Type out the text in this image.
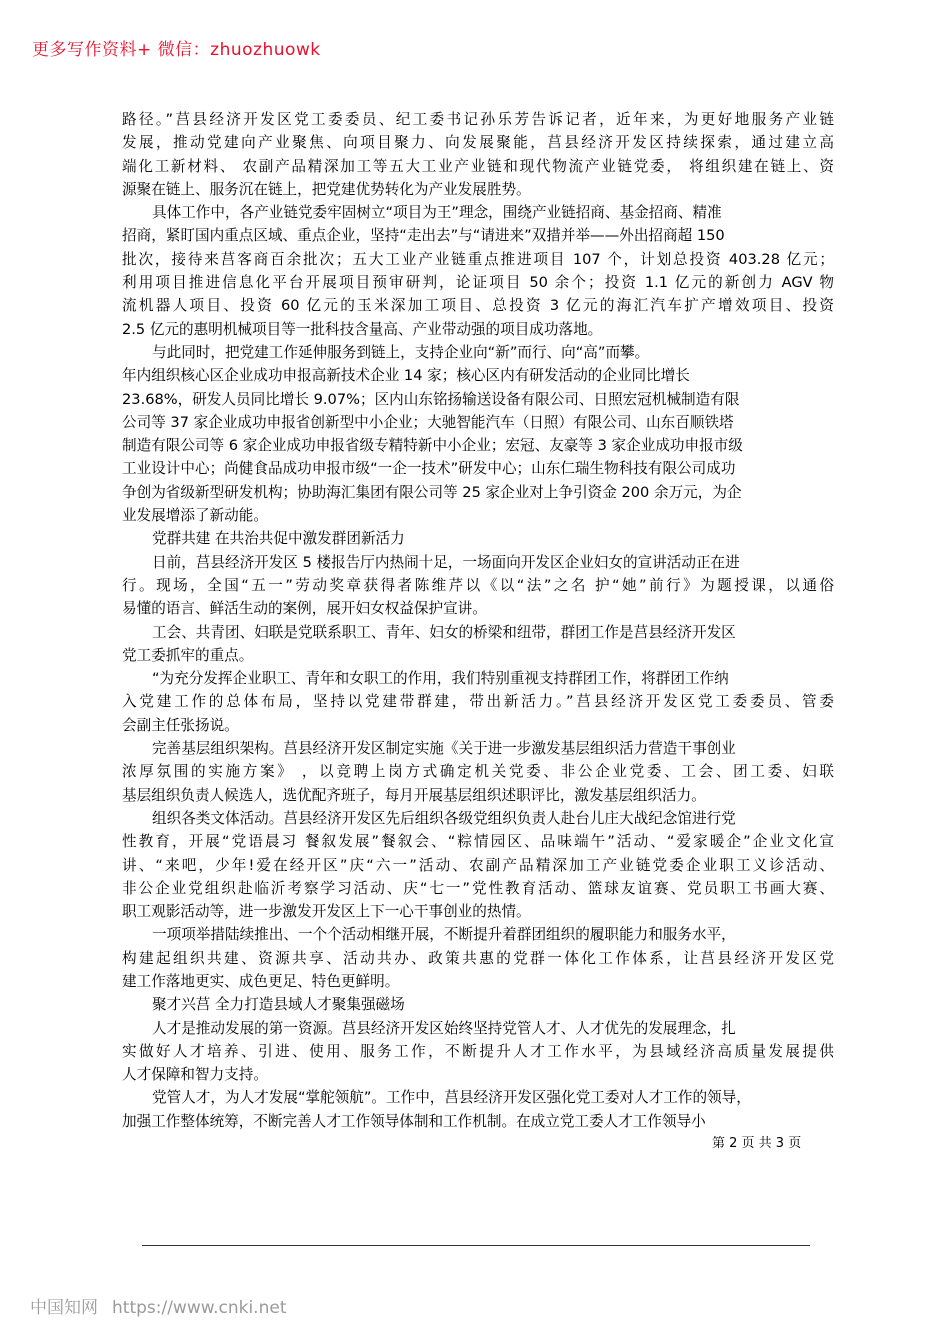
更多写作资料+ 微信：zhuozhuowk
路径。”莒县经济开发区党工委委员、纪工委书记孙乐芳告诉记者，近年来，为更好地服务产业链
发展，推动党建向产业聚焦、向项目聚力、向发展聚能，莒县经济开发区持续探索，通过建立高
端化工新材料、 农副产品精深加工等五大工业产业链和现代物流产业链党委， 将组织建在链上、资
源聚在链上、服务沉在链上，把党建优势转化为产业发展胜势。
具体工作中，各产业链党委牢固树立“项目为王”理念，围绕产业链招商、基金招商、精准
招商，紧盯国内重点区域、重点企业，坚持“走出去”与“请进来”双措并举——外出招商超 150
批次，接待来莒客商百余批次；五大工业产业链重点推进项目 107 个，计划总投资 403.28 亿元；
利用项目推进信息化平台开展项目预审研判，论证项目 50 余个；投资 1.1 亿元的新创力 AGV 物
流机器人项目、投资 60 亿元的玉米深加工项目、总投资 3 亿元的海汇汽车扩产增效项目、投资
2.5 亿元的惠明机械项目等一批科技含量高、产业带动强的项目成功落地。
与此同时，把党建工作延伸服务到链上，支持企业向“新”而行、向“高”而攀。
年内组织核心区企业成功申报高新技术企业 14 家；核心区内有研发活动的企业同比增长
23.68%，研发人员同比增长 9.07%；区内山东铭扬输送设备有限公司、日照宏冠机械制造有限
公司等 37 家企业成功申报省创新型中小企业；大驰智能汽车（日照）有限公司、山东百顺铁塔
制造有限公司等 6 家企业成功申报省级专精特新中小企业；宏冠、友豪等 3 家企业成功申报市级
工业设计中心；尚健食品成功申报市级“一企一技术”研发中心；山东仁瑞生物科技有限公司成功
争创为省级新型研发机构；协助海汇集团有限公司等 25 家企业对上争引资金 200 余万元，为企
业发展增添了新动能。
党群共建 在共治共促中激发群团新活力
日前，莒县经济开发区 5 楼报告厅内热闹十足，一场面向开发区企业妇女的宣讲活动正在进
行。现场，全国“五一”劳动奖章获得者陈维芹以《以“法”之名 护“她”前行》为题授课，以通俗
易懂的语言、鲜活生动的案例，展开妇女权益保护宣讲。
工会、共青团、妇联是党联系职工、青年、妇女的桥梁和纽带，群团工作是莒县经济开发区
党工委抓牢的重点。
“为充分发挥企业职工、青年和女职工的作用，我们特别重视支持群团工作，将群团工作纳
入党建工作的总体布局，坚持以党建带群建，带出新活力。”莒县经济开发区党工委委员、管委
会副主任张扬说。
完善基层组织架构。莒县经济开发区制定实施《关于进一步激发基层组织活力营造干事创业
浓厚氛围的实施方案》 ，以竞聘上岗方式确定机关党委、非公企业党委、工会、团工委、妇联
基层组织负责人候选人，选优配齐班子，每月开展基层组织述职评比，激发基层组织活力。
组织各类文体活动。莒县经济开发区先后组织各级党组织负责人赴台儿庄大战纪念馆进行党
性教育，开展“党语晨习 餐叙发展”餐叙会、“粽情园区、品味端午”活动、“爱家暖企”企业文化宣
讲、“来吧，少年!爱在经开区”庆“六一”活动、农副产品精深加工产业链党委企业职工义诊活动、
非公企业党组织赴临沂考察学习活动、庆“七一”党性教育活动、篮球友谊赛、党员职工书画大赛、
职工观影活动等，进一步激发开发区上下一心干事创业的热情。
一项项举措陆续推出、一个个活动相继开展，不断提升着群团组织的履职能力和服务水平，
构建起组织共建、资源共享、活动共办、政策共惠的党群一体化工作体系，让莒县经济开发区党
建工作落地更实、成色更足、特色更鲜明。
聚才兴莒 全力打造县域人才聚集强磁场
人才是推动发展的第一资源。莒县经济开发区始终坚持党管人才、人才优先的发展理念，扎
实做好人才培养、引进、使用、服务工作，不断提升人才工作水平，为县域经济高质量发展提供
人才保障和智力支持。
党管人才，为人才发展“掌舵领航”。工作中，莒县经济开发区强化党工委对人才工作的领导，
加强工作整体统筹，不断完善人才工作领导体制和工作机制。在成立党工委人才工作领导小
第 2 页 共 3 页
中国知网 https://www.cnki.net
